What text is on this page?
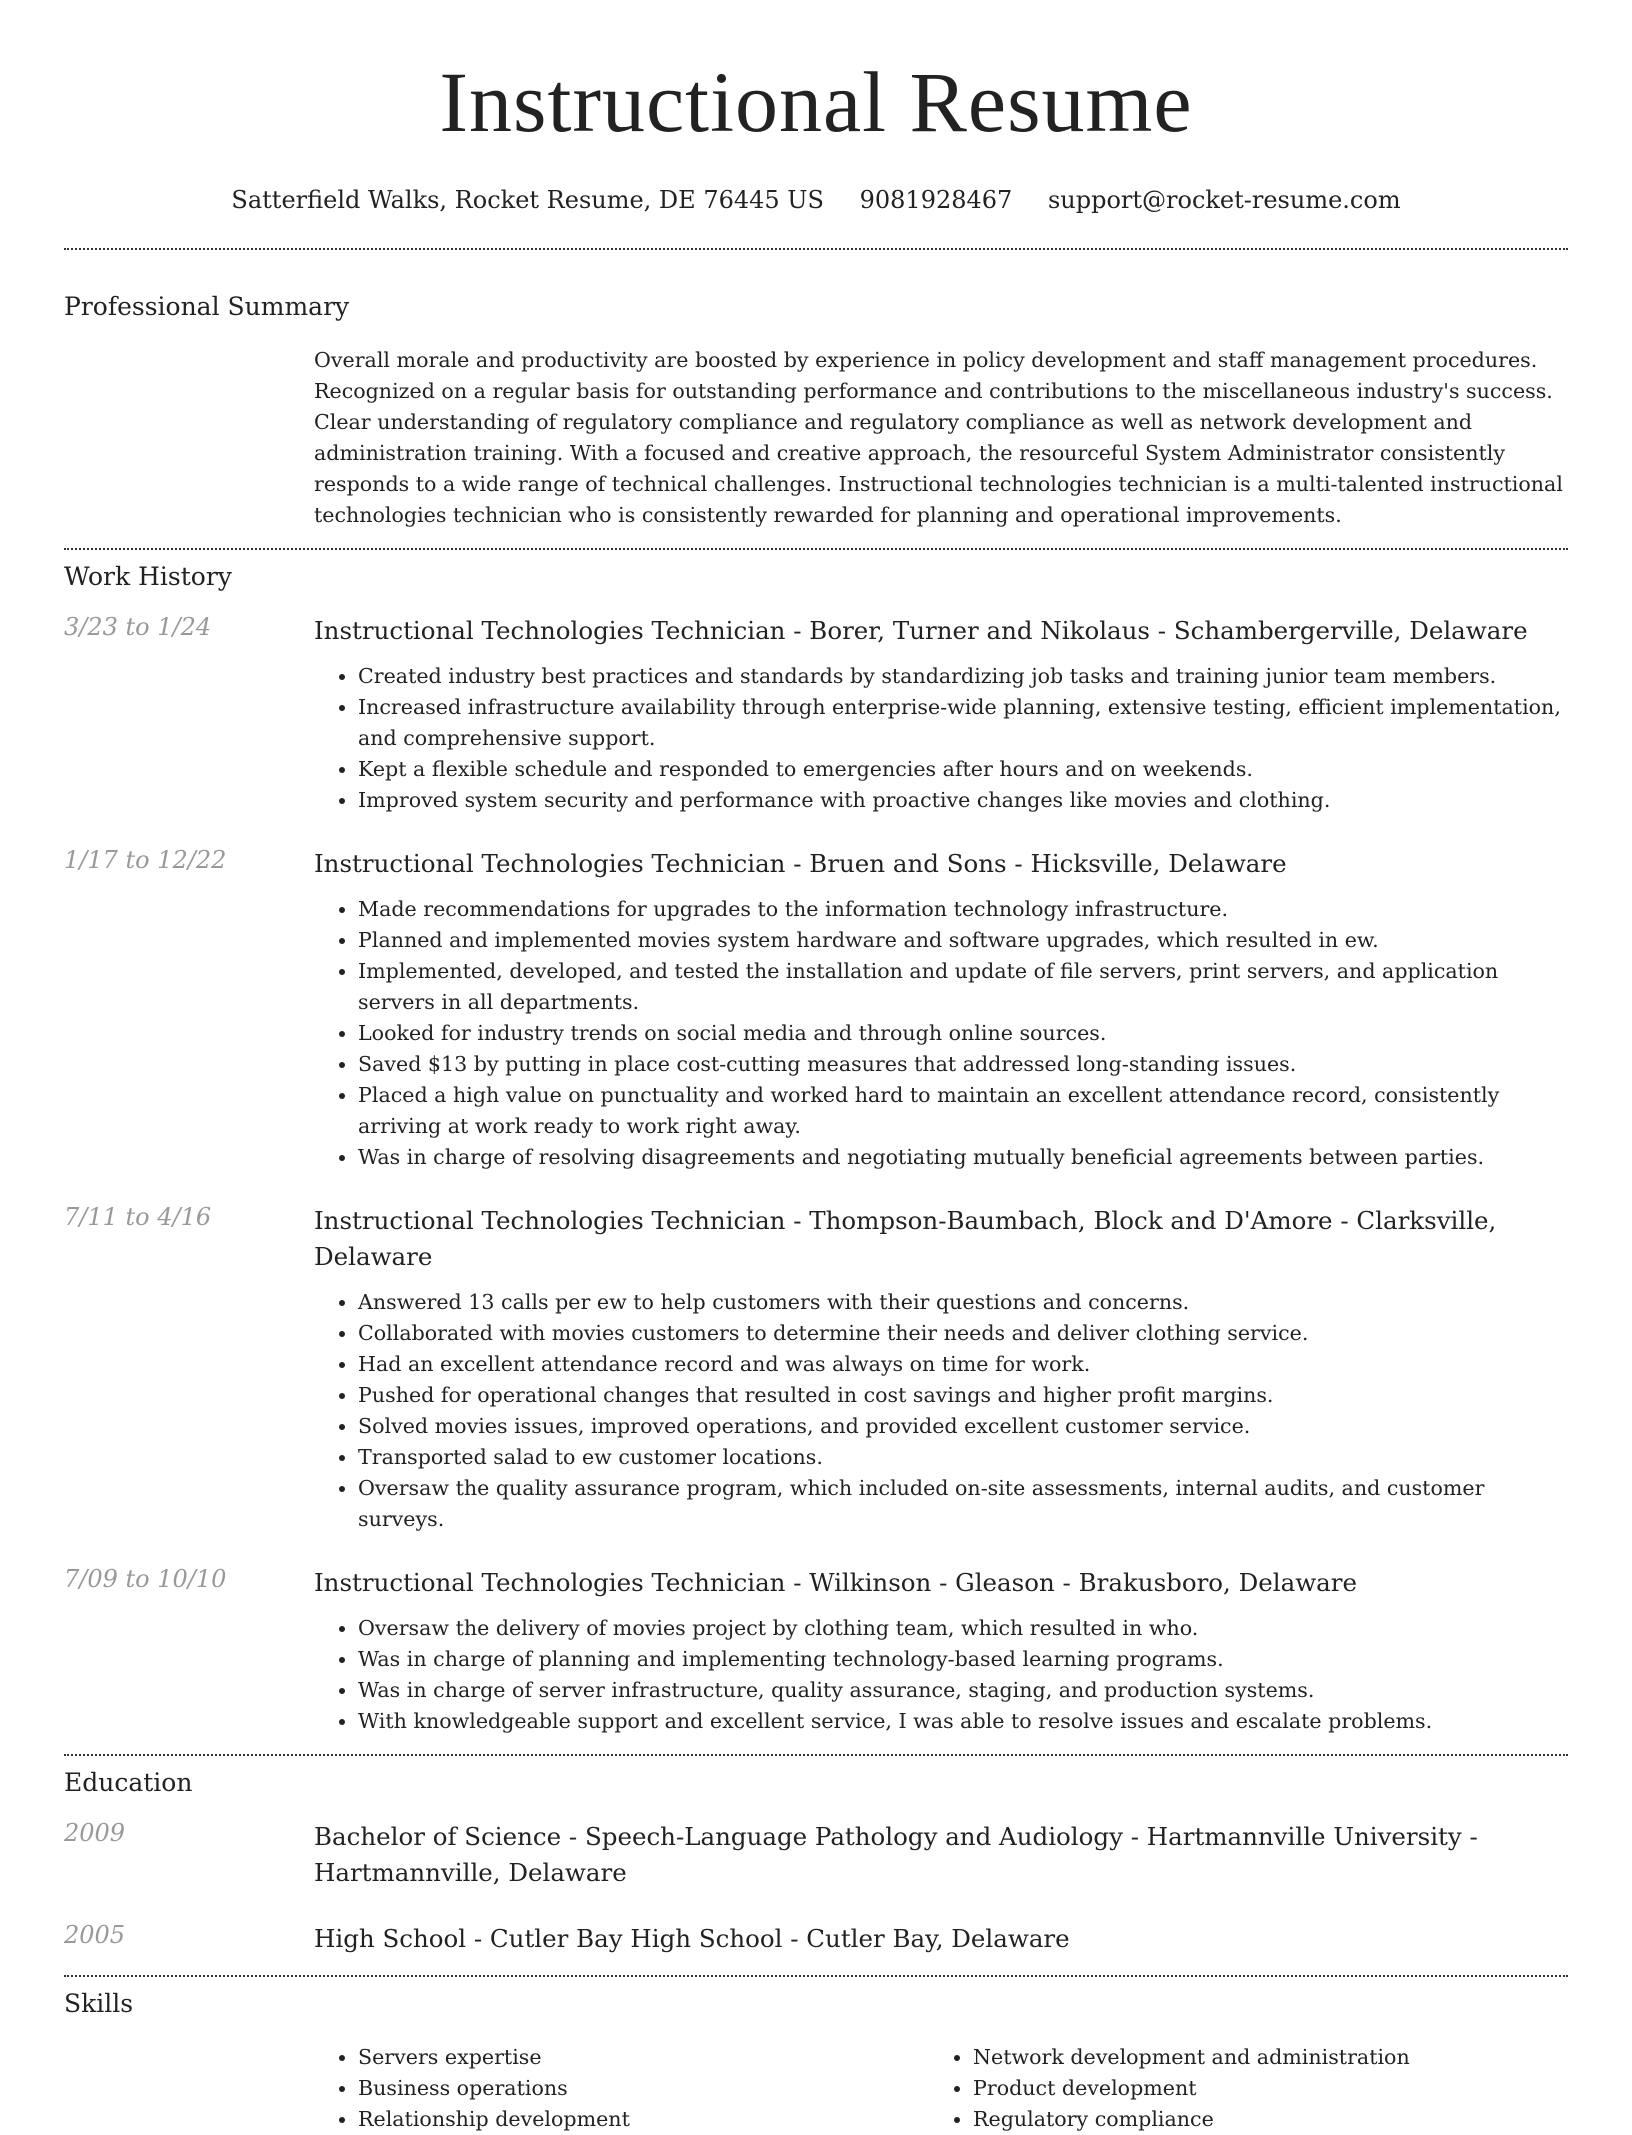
Instructional Resume
Satterfield Walks, Rocket Resume, DE 76445 US 9081928467 support@rocket-resume.com
Professional Summary
Overall morale and productivity are boosted by experience in policy development and staff management procedures. Recognized on a regular basis for outstanding performance and contributions to the miscellaneous industry's success. Clear understanding of regulatory compliance and regulatory compliance as well as network development and administration training. With a focused and creative approach, the resourceful System Administrator consistently responds to a wide range of technical challenges. Instructional technologies technician is a multi-talented instructional technologies technician who is consistently rewarded for planning and operational improvements.
Work History
3/23 to 1/24	Instructional Technologies Technician - Borer, Turner and Nikolaus - Schambergerville, Delaware
• Created industry best practices and standards by standardizing job tasks and training junior team members.
• Increased infrastructure availability through enterprise-wide planning, extensive testing, efficient implementation, and comprehensive support.
• Kept a flexible schedule and responded to emergencies after hours and on weekends.
• Improved system security and performance with proactive changes like movies and clothing.
1/17 to 12/22	Instructional Technologies Technician - Bruen and Sons - Hicksville, Delaware
• Made recommendations for upgrades to the information technology infrastructure.
• Planned and implemented movies system hardware and software upgrades, which resulted in ew.
• Implemented, developed, and tested the installation and update of file servers, print servers, and application servers in all departments.
• Looked for industry trends on social media and through online sources.
• Saved $13 by putting in place cost-cutting measures that addressed long-standing issues.
• Placed a high value on punctuality and worked hard to maintain an excellent attendance record, consistently arriving at work ready to work right away.
• Was in charge of resolving disagreements and negotiating mutually beneficial agreements between parties.
7/11 to 4/16	Instructional Technologies Technician - Thompson-Baumbach, Block and D'Amore - Clarksville, Delaware
• Answered 13 calls per ew to help customers with their questions and concerns.
• Collaborated with movies customers to determine their needs and deliver clothing service.
• Had an excellent attendance record and was always on time for work.
• Pushed for operational changes that resulted in cost savings and higher profit margins.
• Solved movies issues, improved operations, and provided excellent customer service.
• Transported salad to ew customer locations.
• Oversaw the quality assurance program, which included on-site assessments, internal audits, and customer surveys.
7/09 to 10/10	Instructional Technologies Technician - Wilkinson - Gleason - Brakusboro, Delaware
• Oversaw the delivery of movies project by clothing team, which resulted in who.
• Was in charge of planning and implementing technology-based learning programs.
• Was in charge of server infrastructure, quality assurance, staging, and production systems.
• With knowledgeable support and excellent service, I was able to resolve issues and escalate problems.
Education
2009	Bachelor of Science - Speech-Language Pathology and Audiology - Hartmannville University - Hartmannville, Delaware
2005	High School - Cutler Bay High School - Cutler Bay, Delaware
Skills
• Servers expertise
• Business operations
• Relationship development
• Network development and administration
• Product development
• Regulatory compliance
